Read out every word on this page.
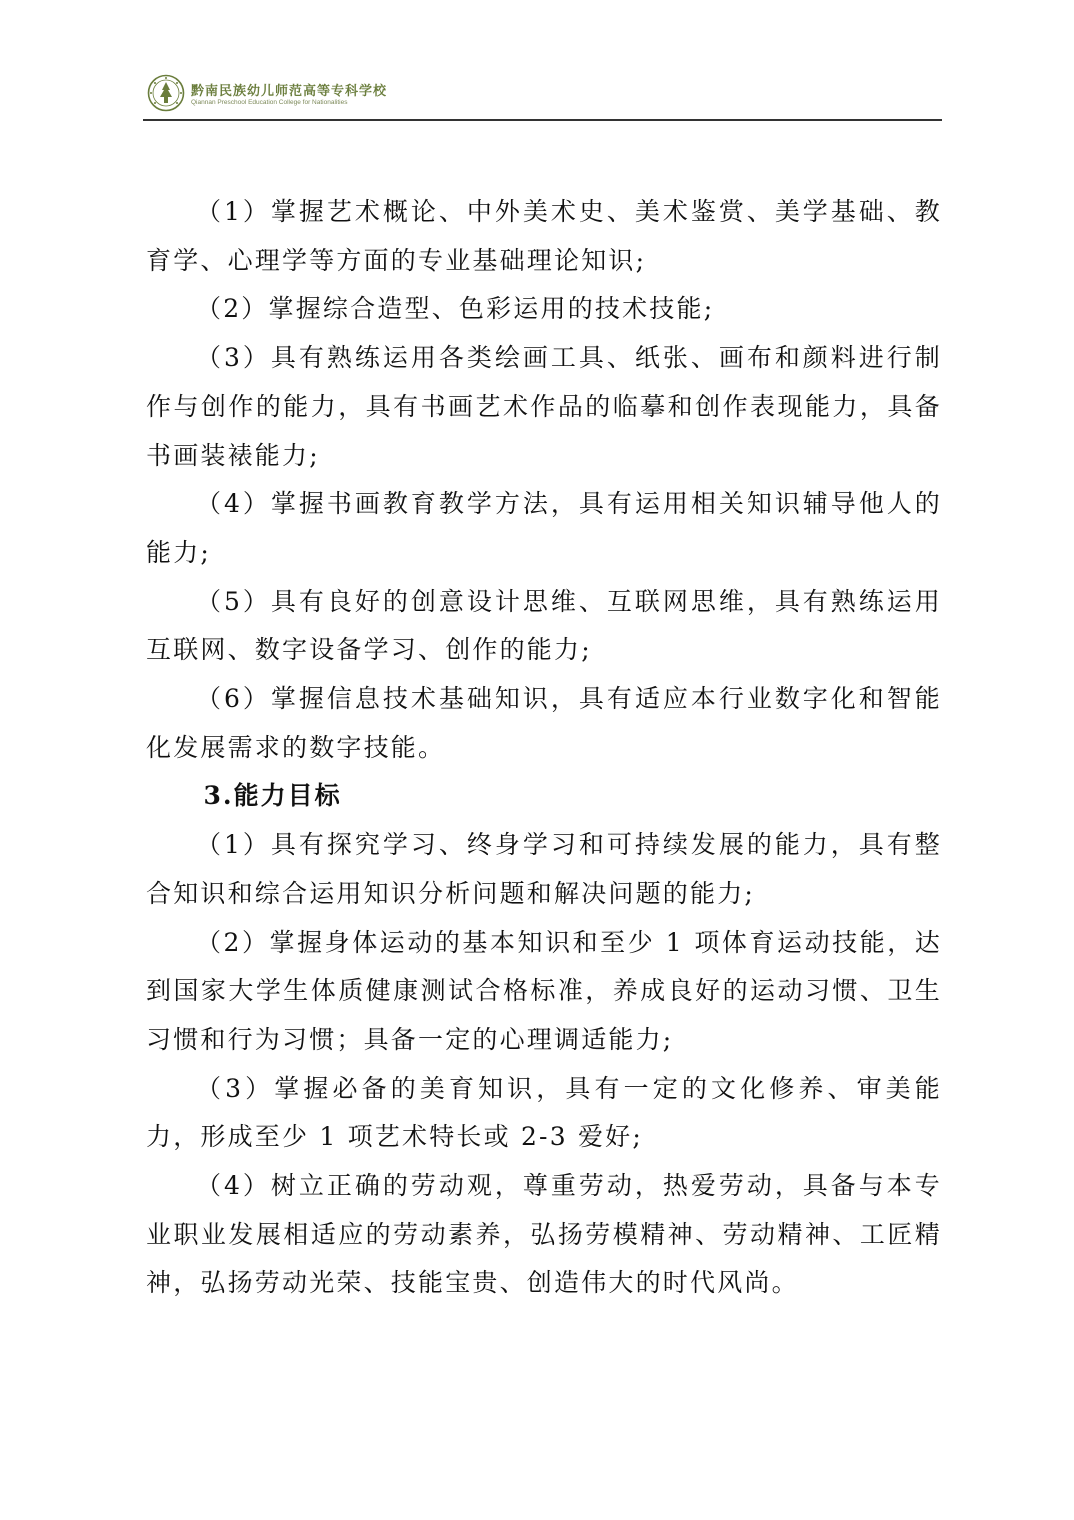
黔南民族幼儿师范高等专科学校
Qiannan Preschool Education College for Nationalities

（1）掌握艺术概论、中外美术史、美术鉴赏、美学基础、教育学、心理学等方面的专业基础理论知识;

（2）掌握综合造型、色彩运用的技术技能;

（3）具有熟练运用各类绘画工具、纸张、画布和颜料进行制作与创作的能力，具有书画艺术作品的临摹和创作表现能力，具备书画装裱能力;

（4）掌握书画教育教学方法，具有运用相关知识辅导他人的能力;

（5）具有良好的创意设计思维、互联网思维，具有熟练运用互联网、数字设备学习、创作的能力;

（6）掌握信息技术基础知识，具有适应本行业数字化和智能化发展需求的数字技能。

3.能力目标

（1）具有探究学习、终身学习和可持续发展的能力，具有整合知识和综合运用知识分析问题和解决问题的能力;

（2）掌握身体运动的基本知识和至少 1 项体育运动技能，达到国家大学生体质健康测试合格标准，养成良好的运动习惯、卫生习惯和行为习惯；具备一定的心理调适能力;

（3）掌握必备的美育知识，具有一定的文化修养、审美能力，形成至少 1 项艺术特长或 2-3 爱好;

（4）树立正确的劳动观，尊重劳动，热爱劳动，具备与本专业职业发展相适应的劳动素养，弘扬劳模精神、劳动精神、工匠精神，弘扬劳动光荣、技能宝贵、创造伟大的时代风尚。
